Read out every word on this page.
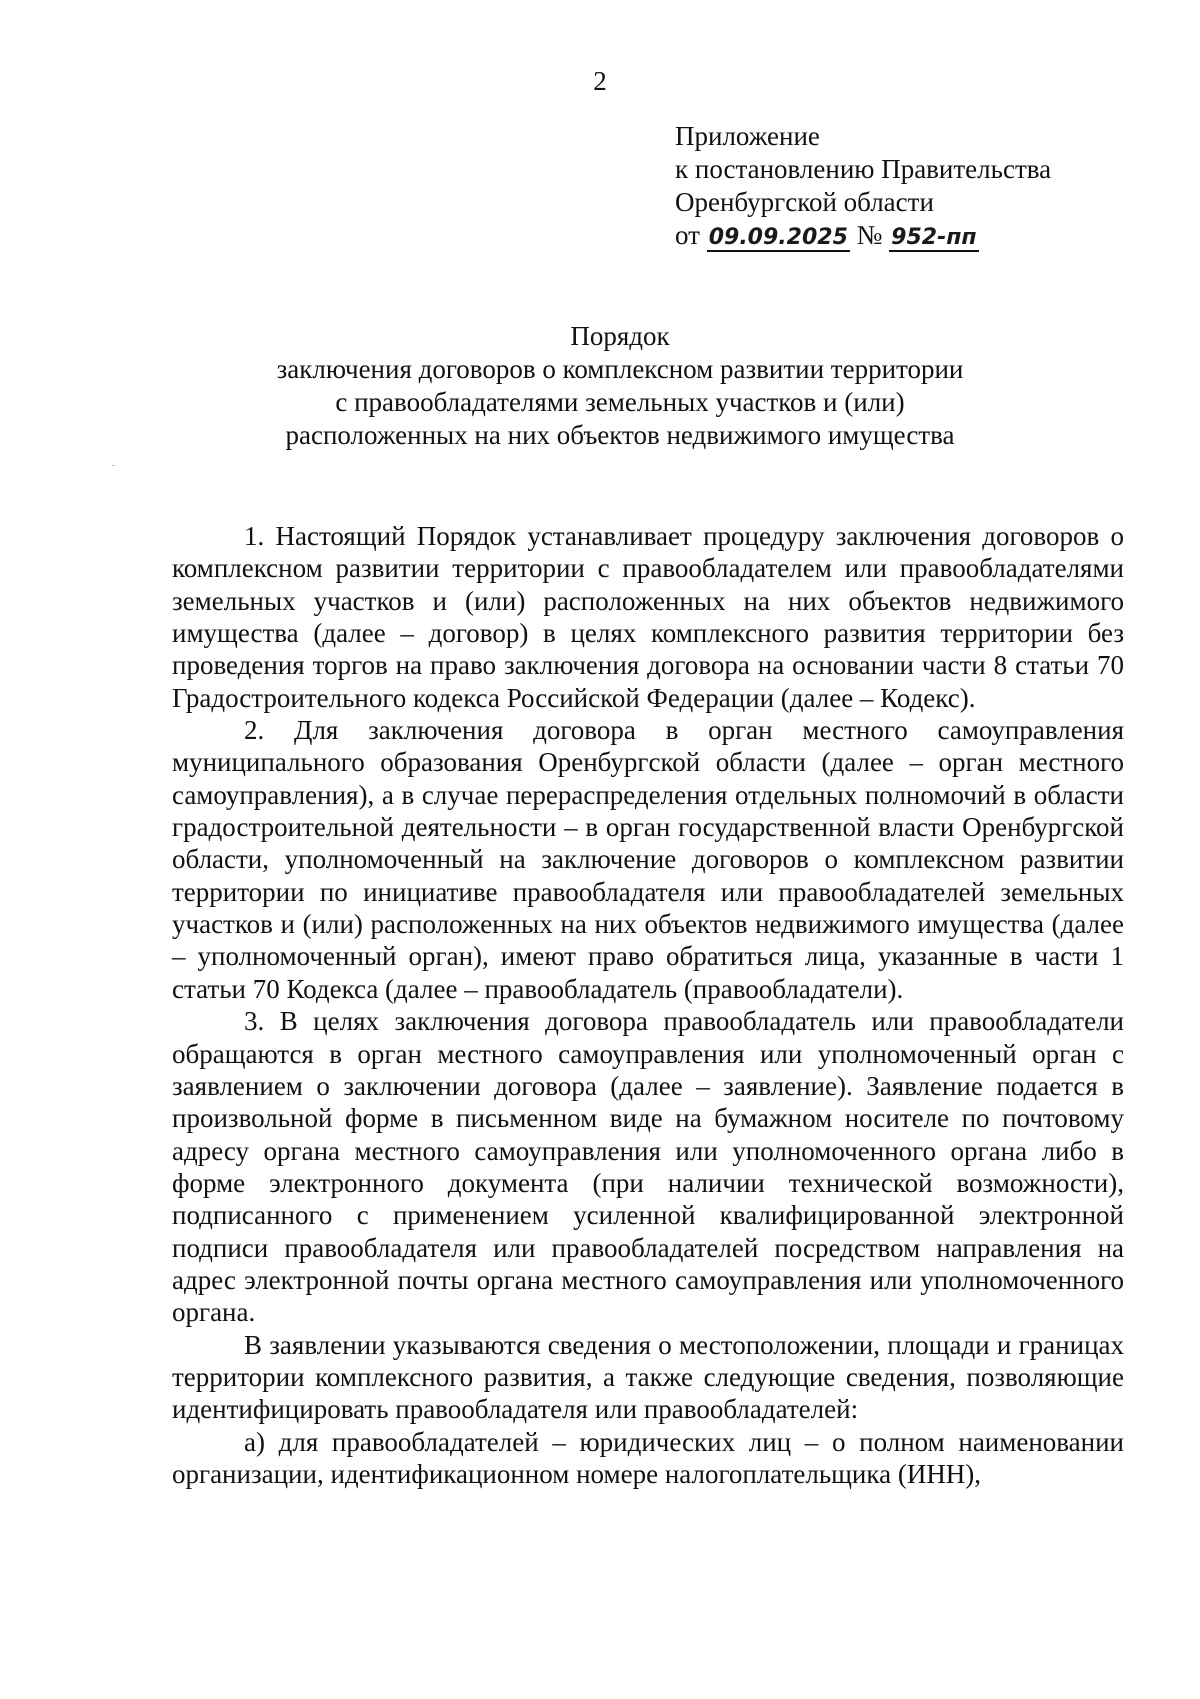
2
Приложение
к постановлению Правительства
Оренбургской области
от 09.09.2025 № 952-пп
Порядок
заключения договоров о комплексном развитии территории
с правообладателями земельных участков и (или)
расположенных на них объектов недвижимого имущества

1. Настоящий Порядок устанавливает процедуру заключения договоров о комплексном развитии территории с правообладателем или правообладателями земельных участков и (или) расположенных на них объектов недвижимого имущества (далее – договор) в целях комплексного развития территории без проведения торгов на право заключения договора на основании части 8 статьи 70 Градостроительного кодекса Российской Федерации (далее – Кодекс).

2. Для заключения договора в орган местного самоуправления муниципального образования Оренбургской области (далее – орган местного самоуправления), а в случае перераспределения отдельных полномочий в области градостроительной деятельности – в орган государственной власти Оренбургской области, уполномоченный на заключение договоров о комплексном развитии территории по инициативе правообладателя или правообладателей земельных участков и (или) расположенных на них объектов недвижимого имущества (далее – уполномоченный орган), имеют право обратиться лица, указанные в части 1 статьи 70 Кодекса (далее – правообладатель (правообладатели).

3. В целях заключения договора правообладатель или правообладатели обращаются в орган местного самоуправления или уполномоченный орган с заявлением о заключении договора (далее – заявление). Заявление подается в произвольной форме в письменном виде на бумажном носителе по почтовому адресу органа местного самоуправления или уполномоченного органа либо в форме электронного документа (при наличии технической возможности), подписанного с применением усиленной квалифицированной электронной подписи правообладателя или правообладателей посредством направления на адрес электронной почты органа местного самоуправления или уполномоченного органа.

В заявлении указываются сведения о местоположении, площади и границах территории комплексного развития, а также следующие сведения, позволяющие идентифицировать правообладателя или правообладателей:

а) для правообладателей – юридических лиц – о полном наименовании организации, идентификационном номере налогоплательщика (ИНН),
